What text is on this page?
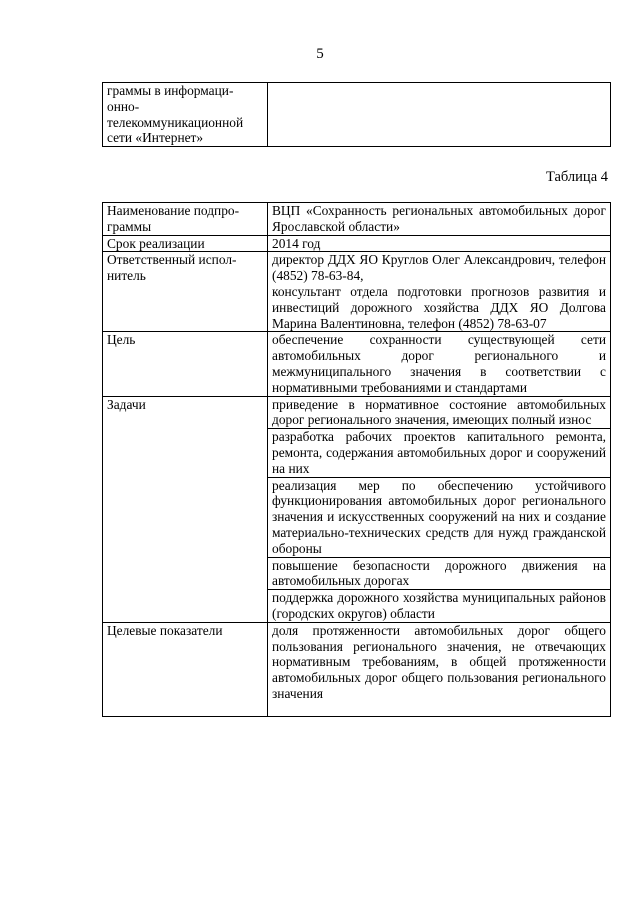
5
граммы в информаци-
онно-
телекоммуникационной
сети «Интернет»

Таблица 4
Наименование подпро-
граммы	ВЦП «Сохранность региональных автомобильных дорог Ярославской области»
Срок реализации	2014 год

Ответственный испол-
нитель	директор ДДХ ЯО Круглов Олег Александрович, телефон (4852) 78-63-84,
консультант отдела подготовки прогнозов развития и инвестиций дорожного хозяйства ДДХ ЯО Долгова Марина Валентиновна, телефон (4852) 78-63-07

Цель	обеспечение сохранности существующей сети автомобильных дорог регионального и межмуниципального значения в соответствии с нормативными требованиями и стандартами
Задачи	приведение в нормативное состояние автомобильных дорог регионального значения, имеющих полный износ
	разработка рабочих проектов капитального ремонта, ремонта, содержания автомобильных дорог и сооружений на них
	реализация мер по обеспечению устойчивого функционирования автомобильных дорог регионального значения и искусственных сооружений на них и создание материально-технических средств для нужд гражданской обороны
	повышение безопасности дорожного движения на автомобильных дорогах
	поддержка дорожного хозяйства муниципальных районов (городских округов) области
Целевые показатели	доля протяженности автомобильных дорог общего пользования регионального значения, не отвечающих нормативным требованиям, в общей протяженности автомобильных дорог общего пользования регионального значения
